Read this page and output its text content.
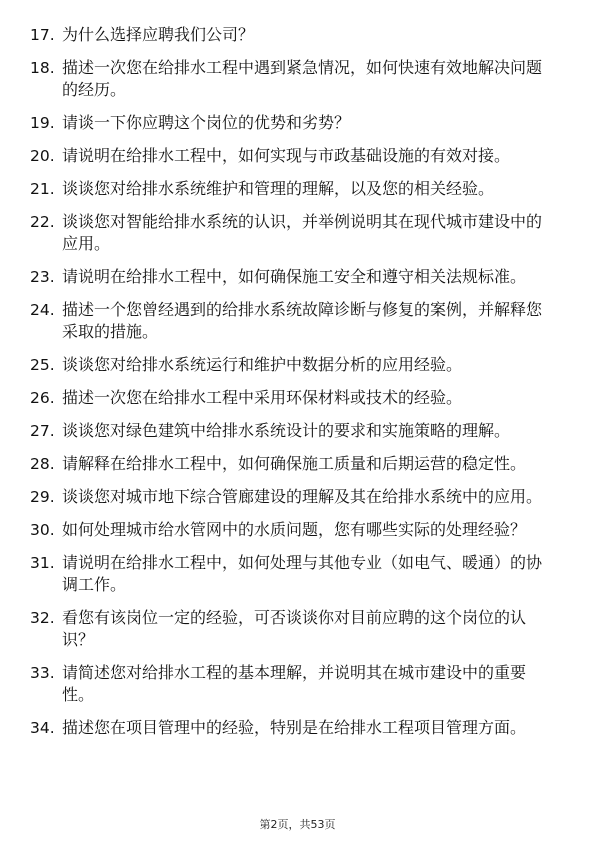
17. 为什么选择应聘我们公司？
18. 描述一次您在给排水工程中遇到紧急情况，如何快速有效地解决问题的经历。
19. 请谈一下你应聘这个岗位的优势和劣势？
20. 请说明在给排水工程中，如何实现与市政基础设施的有效对接。
21. 谈谈您对给排水系统维护和管理的理解，以及您的相关经验。
22. 谈谈您对智能给排水系统的认识，并举例说明其在现代城市建设中的应用。
23. 请说明在给排水工程中，如何确保施工安全和遵守相关法规标准。
24. 描述一个您曾经遇到的给排水系统故障诊断与修复的案例，并解释您采取的措施。
25. 谈谈您对给排水系统运行和维护中数据分析的应用经验。
26. 描述一次您在给排水工程中采用环保材料或技术的经验。
27. 谈谈您对绿色建筑中给排水系统设计的要求和实施策略的理解。
28. 请解释在给排水工程中，如何确保施工质量和后期运营的稳定性。
29. 谈谈您对城市地下综合管廊建设的理解及其在给排水系统中的应用。
30. 如何处理城市给水管网中的水质问题，您有哪些实际的处理经验？
31. 请说明在给排水工程中，如何处理与其他专业（如电气、暖通）的协调工作。
32. 看您有该岗位一定的经验，可否谈谈你对目前应聘的这个岗位的认识？
33. 请简述您对给排水工程的基本理解，并说明其在城市建设中的重要性。
34. 描述您在项目管理中的经验，特别是在给排水工程项目管理方面。
第2页，共53页
